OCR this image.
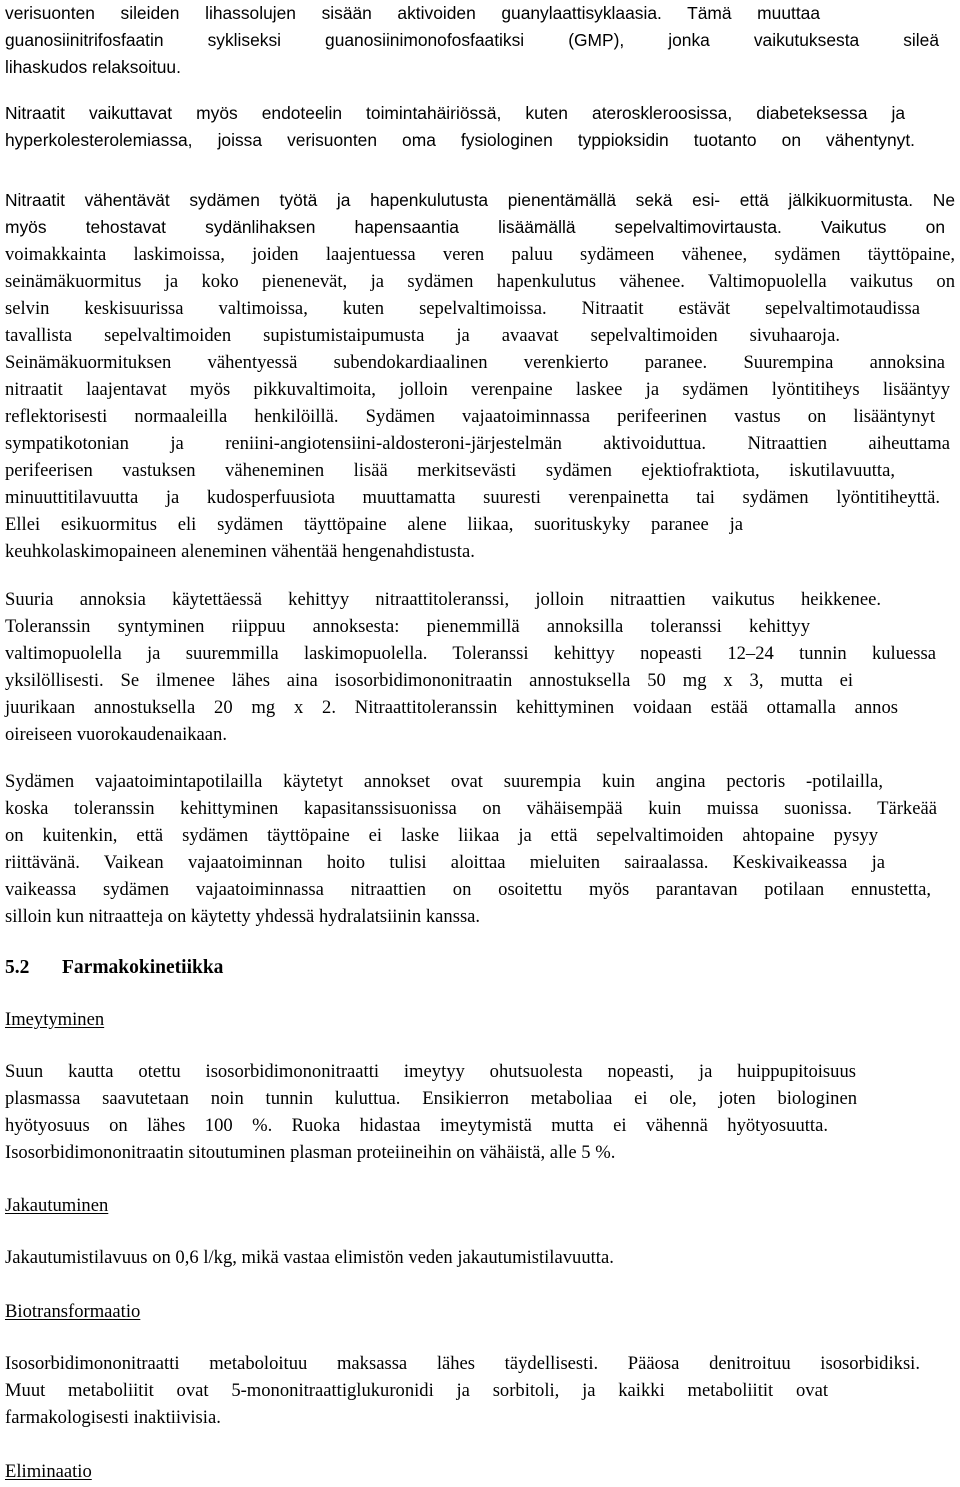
verisuonten sileiden lihassolujen sisään aktivoiden guanylaattisyklaasia. Tämä muuttaa
guanosiinitrifosfaatin sykliseksi guanosiinimonofosfaatiksi (GMP), jonka vaikutuksesta sileä
lihaskudos relaksoituu.
Nitraatit vaikuttavat myös endoteelin toimintahäiriössä, kuten ateroskleroosissa, diabeteksessa ja
hyperkolesterolemiassa, joissa verisuonten oma fysiologinen typpioksidin tuotanto on vähentynyt.
Nitraatit vähentävät sydämen työtä ja hapenkulutusta pienentämällä sekä esi- että jälkikuormitusta. Ne
myös tehostavat sydänlihaksen hapensaantia lisäämällä sepelvaltimovirtausta. Vaikutus on
voimakkainta laskimoissa, joiden laajentuessa veren paluu sydämeen vähenee, sydämen täyttöpaine,
seinämäkuormitus ja koko pienenevät, ja sydämen hapenkulutus vähenee. Valtimopuolella vaikutus on
selvin keskisuurissa valtimoissa, kuten sepelvaltimoissa. Nitraatit estävät sepelvaltimotaudissa
tavallista sepelvaltimoiden supistumistaipumusta ja avaavat sepelvaltimoiden sivuhaaroja.
Seinämäkuormituksen vähentyessä subendokardiaalinen verenkierto paranee. Suurempina annoksina
nitraatit laajentavat myös pikkuvaltimoita, jolloin verenpaine laskee ja sydämen lyöntitiheys lisääntyy
reflektorisesti normaaleilla henkilöillä. Sydämen vajaatoiminnassa perifeerinen vastus on lisääntynyt
sympatikotonian ja reniini-angiotensiini-aldosteroni-järjestelmän aktivoiduttua. Nitraattien aiheuttama
perifeerisen vastuksen väheneminen lisää merkitsevästi sydämen ejektiofraktiota, iskutilavuutta,
minuuttitilavuutta ja kudosperfuusiota muuttamatta suuresti verenpainetta tai sydämen lyöntitiheyttä.
Ellei esikuormitus eli sydämen täyttöpaine alene liikaa, suorituskyky paranee ja
keuhkolaskimopaineen aleneminen vähentää hengenahdistusta.
Suuria annoksia käytettäessä kehittyy nitraattitoleranssi, jolloin nitraattien vaikutus heikkenee.
Toleranssin syntyminen riippuu annoksesta: pienemmillä annoksilla toleranssi kehittyy
valtimopuolella ja suuremmilla laskimopuolella. Toleranssi kehittyy nopeasti 12–24 tunnin kuluessa
yksilöllisesti. Se ilmenee lähes aina isosorbidimononitraatin annostuksella 50 mg x 3, mutta ei
juurikaan annostuksella 20 mg x 2. Nitraattitoleranssin kehittyminen voidaan estää ottamalla annos
oireiseen vuorokaudenaikaan.
Sydämen vajaatoimintapotilailla käytetyt annokset ovat suurempia kuin angina pectoris -potilailla,
koska toleranssin kehittyminen kapasitanssisuonissa on vähäisempää kuin muissa suonissa. Tärkeää
on kuitenkin, että sydämen täyttöpaine ei laske liikaa ja että sepelvaltimoiden ahtopaine pysyy
riittävänä. Vaikean vajaatoiminnan hoito tulisi aloittaa mieluiten sairaalassa. Keskivaikeassa ja
vaikeassa sydämen vajaatoiminnassa nitraattien on osoitettu myös parantavan potilaan ennustetta,
silloin kun nitraatteja on käytetty yhdessä hydralatsiinin kanssa.
5.2 Farmakokinetiikka
Imeytyminen
Suun kautta otettu isosorbidimononitraatti imeytyy ohutsuolesta nopeasti, ja huippupitoisuus
plasmassa saavutetaan noin tunnin kuluttua. Ensikierron metaboliaa ei ole, joten biologinen
hyötyosuus on lähes 100 %. Ruoka hidastaa imeytymistä mutta ei vähennä hyötyosuutta.
Isosorbidimononitraatin sitoutuminen plasman proteiineihin on vähäistä, alle 5 %.
Jakautuminen
Jakautumistilavuus on 0,6 l/kg, mikä vastaa elimistön veden jakautumistilavuutta.
Biotransformaatio
Isosorbidimononitraatti metaboloituu maksassa lähes täydellisesti. Pääosa denitroituu isosorbidiksi.
Muut metaboliitit ovat 5-mononitraattiglukuronidi ja sorbitoli, ja kaikki metaboliitit ovat
farmakologisesti inaktiivisia.
Eliminaatio
